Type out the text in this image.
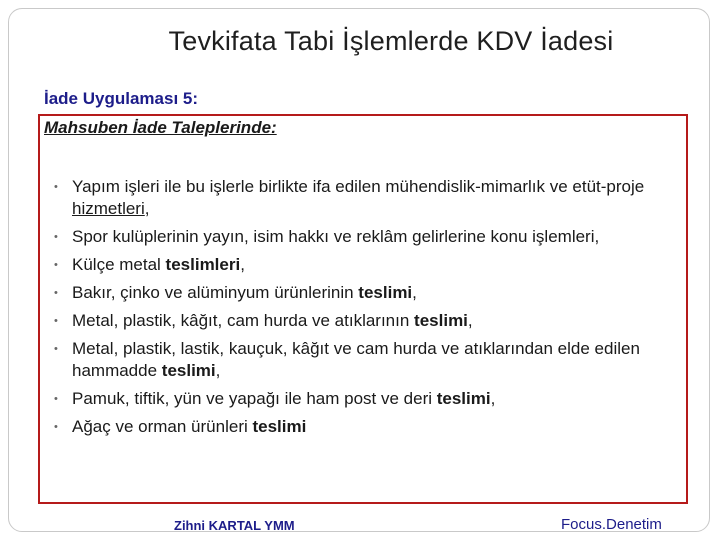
Tevkifata Tabi İşlemlerde KDV İadesi
İade Uygulaması 5:
Mahsuben İade Taleplerinde:
• Yapım işleri ile bu işlerle birlikte ifa edilen mühendislik-mimarlık ve etüt-proje hizmetleri,
• Spor kulüplerinin yayın, isim hakkı ve reklâm gelirlerine konu işlemleri,
• Külçe metal teslimleri,
• Bakır, çinko ve alüminyum ürünlerinin teslimi,
• Metal, plastik, kâğıt, cam hurda ve atıklarının teslimi,
• Metal, plastik, lastik, kauçuk, kâğıt ve cam hurda ve atıklarından elde edilen hammadde teslimi,
• Pamuk, tiftik, yün ve yapağı ile ham post ve deri teslimi,
• Ağaç ve orman ürünleri teslimi
Zihni KARTAL YMM	Focus.Denetim
